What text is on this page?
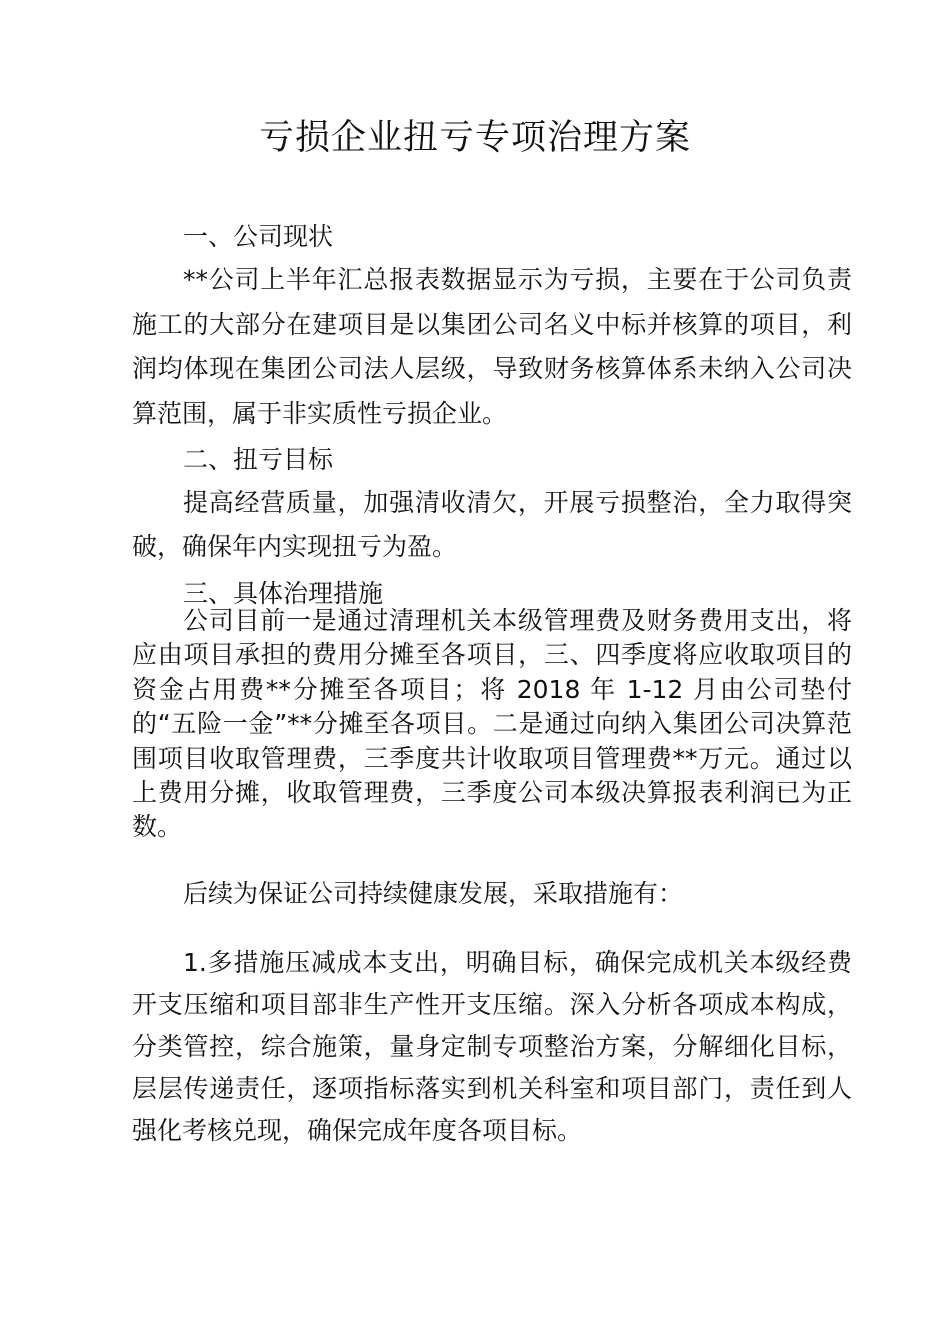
亏损企业扭亏专项治理方案
一、公司现状
**公司上半年汇总报表数据显示为亏损，主要在于公司负责施工的大部分在建项目是以集团公司名义中标并核算的项目，利润均体现在集团公司法人层级，导致财务核算体系未纳入公司决算范围，属于非实质性亏损企业。
二、扭亏目标
提高经营质量，加强清收清欠，开展亏损整治，全力取得突破，确保年内实现扭亏为盈。
三、具体治理措施
公司目前一是通过清理机关本级管理费及财务费用支出，将应由项目承担的费用分摊至各项目，三、四季度将应收取项目的资金占用费**分摊至各项目；将 2018 年 1-12 月由公司垫付的“五险一金”**分摊至各项目。二是通过向纳入集团公司决算范围项目收取管理费，三季度共计收取项目管理费**万元。通过以上费用分摊，收取管理费，三季度公司本级决算报表利润已为正数。
后续为保证公司持续健康发展，采取措施有：
1.多措施压减成本支出，明确目标，确保完成机关本级经费开支压缩和项目部非生产性开支压缩。深入分析各项成本构成，分类管控，综合施策，量身定制专项整治方案，分解细化目标，层层传递责任，逐项指标落实到机关科室和项目部门，责任到人强化考核兑现，确保完成年度各项目标。
